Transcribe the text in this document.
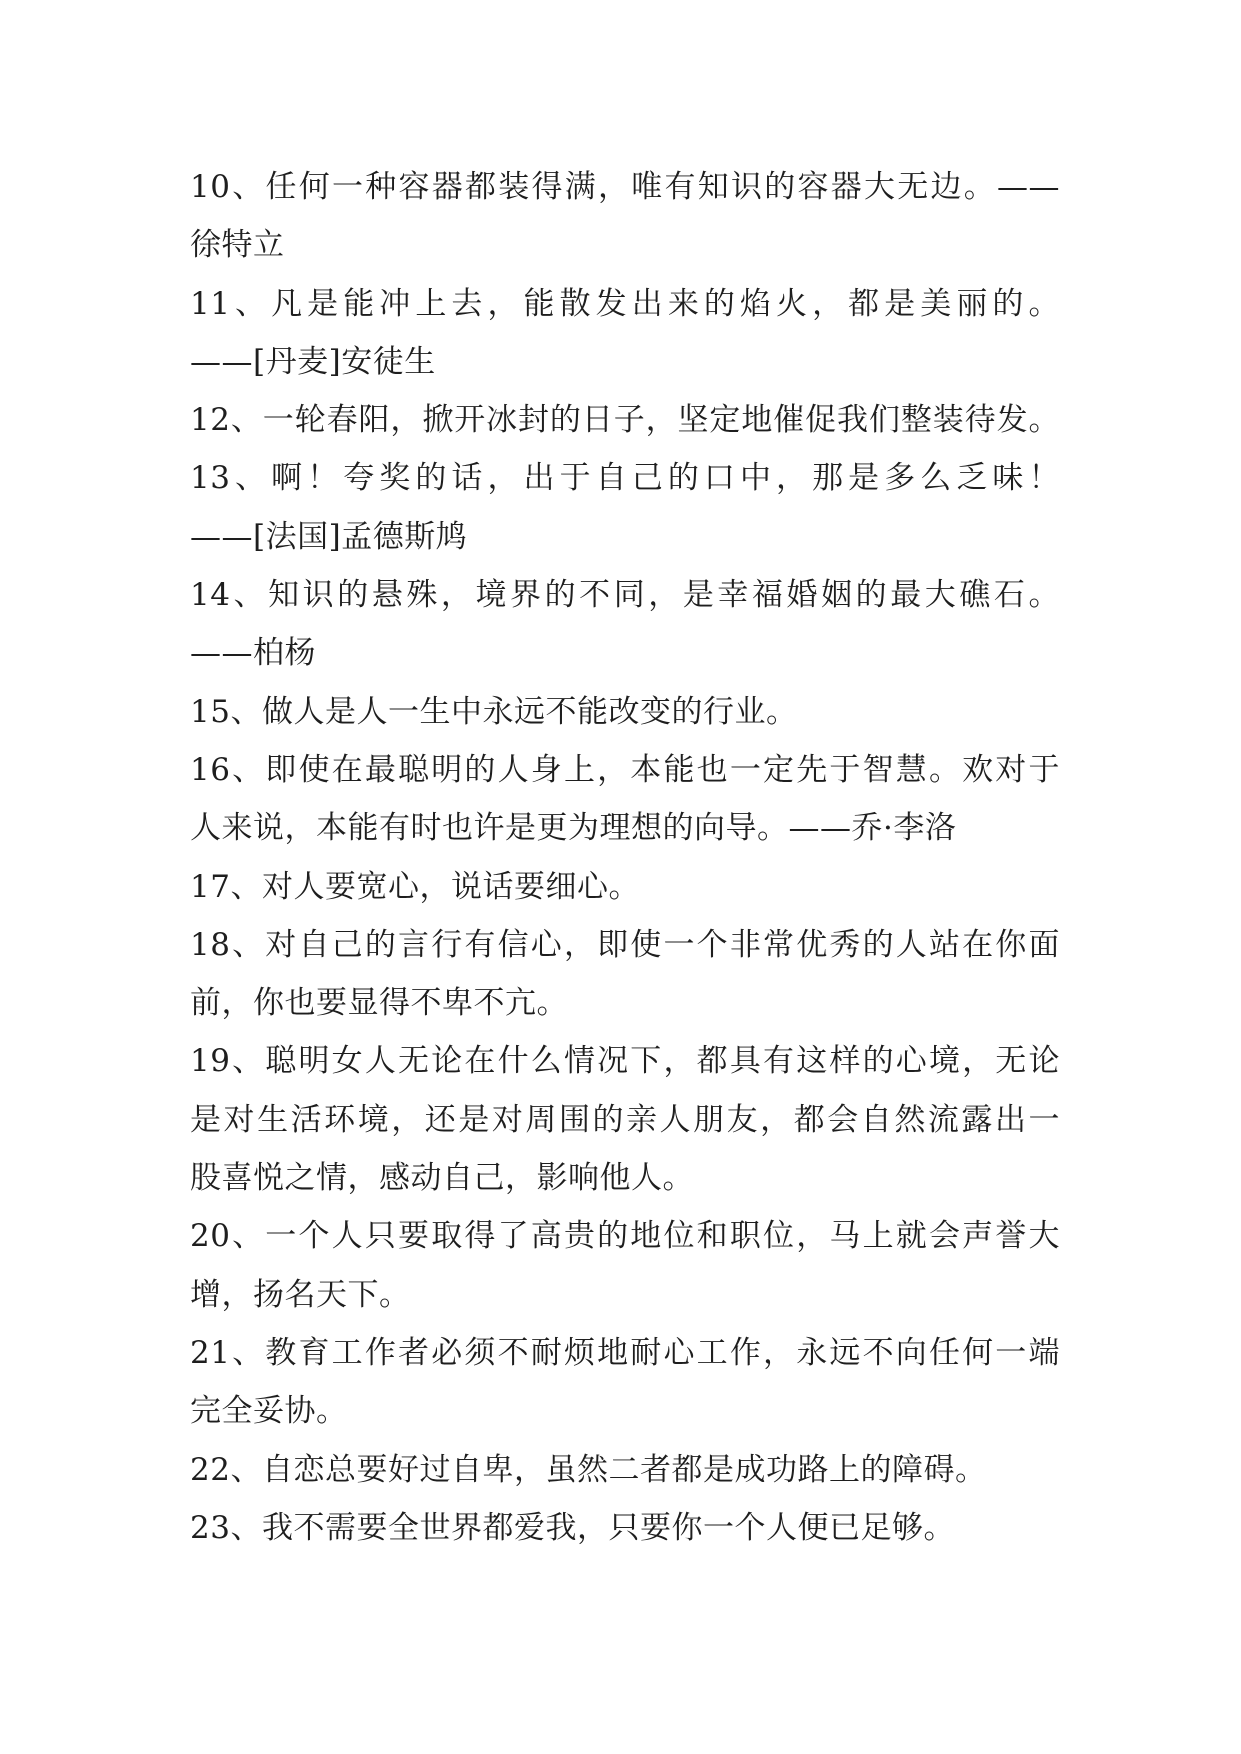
10、任何一种容器都装得满，唯有知识的容器大无边。——
徐特立
11、凡是能冲上去，能散发出来的焰火，都是美丽的。
——[丹麦]安徒生
12、一轮春阳，掀开冰封的日子，坚定地催促我们整装待发。
13、啊！夸奖的话，出于自己的口中，那是多么乏味！
——[法国]孟德斯鸠
14、知识的悬殊，境界的不同，是幸福婚姻的最大礁石。
——柏杨
15、做人是人一生中永远不能改变的行业。
16、即使在最聪明的人身上，本能也一定先于智慧。欢对于
人来说，本能有时也许是更为理想的向导。——乔·李洛
17、对人要宽心，说话要细心。
18、对自己的言行有信心，即使一个非常优秀的人站在你面
前，你也要显得不卑不亢。
19、聪明女人无论在什么情况下，都具有这样的心境，无论
是对生活环境，还是对周围的亲人朋友，都会自然流露出一
股喜悦之情，感动自己，影响他人。
20、一个人只要取得了高贵的地位和职位，马上就会声誉大
增，扬名天下。
21、教育工作者必须不耐烦地耐心工作，永远不向任何一端
完全妥协。
22、自恋总要好过自卑，虽然二者都是成功路上的障碍。
23、我不需要全世界都爱我，只要你一个人便已足够。
